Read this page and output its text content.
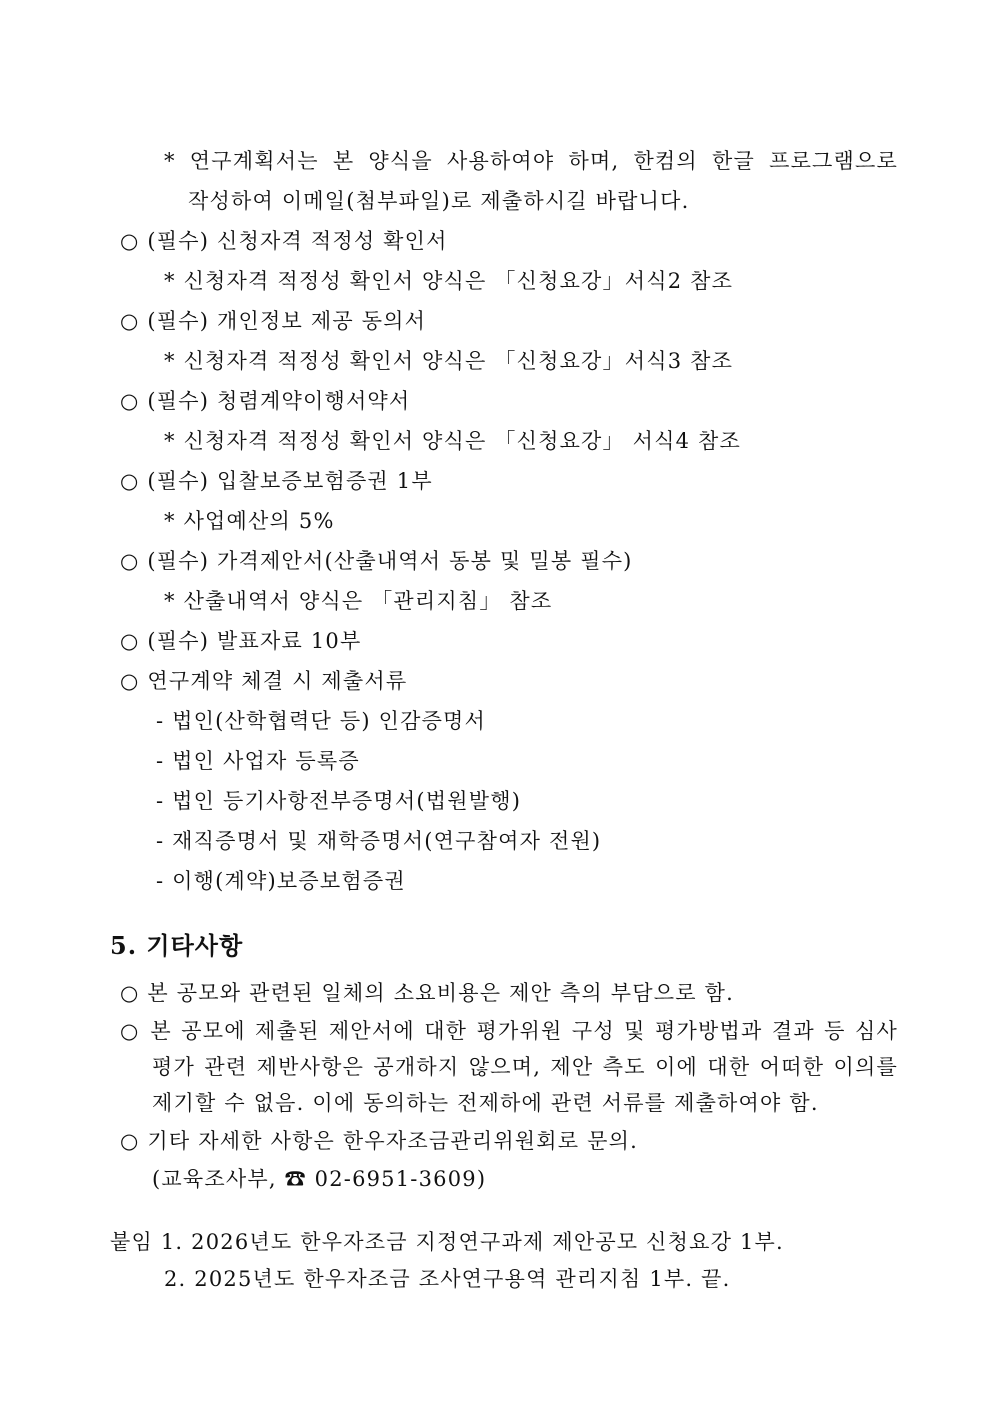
* 연구계획서는 본 양식을 사용하여야 하며, 한컴의 한글 프로그램으로
작성하여 이메일(첨부파일)로 제출하시길 바랍니다.
○ (필수) 신청자격 적정성 확인서
* 신청자격 적정성 확인서 양식은 「신청요강」서식2 참조
○ (필수) 개인정보 제공 동의서
* 신청자격 적정성 확인서 양식은 「신청요강」서식3 참조
○ (필수) 청렴계약이행서약서
* 신청자격 적정성 확인서 양식은 「신청요강」 서식4 참조
○ (필수) 입찰보증보험증권 1부
* 사업예산의 5%
○ (필수) 가격제안서(산출내역서 동봉 및 밀봉 필수)
* 산출내역서 양식은 「관리지침」 참조
○ (필수) 발표자료 10부
○ 연구계약 체결 시 제출서류
- 법인(산학협력단 등) 인감증명서
- 법인 사업자 등록증
- 법인 등기사항전부증명서(법원발행)
- 재직증명서 및 재학증명서(연구참여자 전원)
- 이행(계약)보증보험증권
5. 기타사항
○ 본 공모와 관련된 일체의 소요비용은 제안 측의 부담으로 함.
○ 본 공모에 제출된 제안서에 대한 평가위원 구성 및 평가방법과 결과 등 심사
평가 관련 제반사항은 공개하지 않으며, 제안 측도 이에 대한 어떠한 이의를
제기할 수 없음. 이에 동의하는 전제하에 관련 서류를 제출하여야 함.
○ 기타 자세한 사항은 한우자조금관리위원회로 문의.
(교육조사부, ☎ 02-6951-3609)
붙임 1. 2026년도 한우자조금 지정연구과제 제안공모 신청요강 1부.
2. 2025년도 한우자조금 조사연구용역 관리지침 1부. 끝.
